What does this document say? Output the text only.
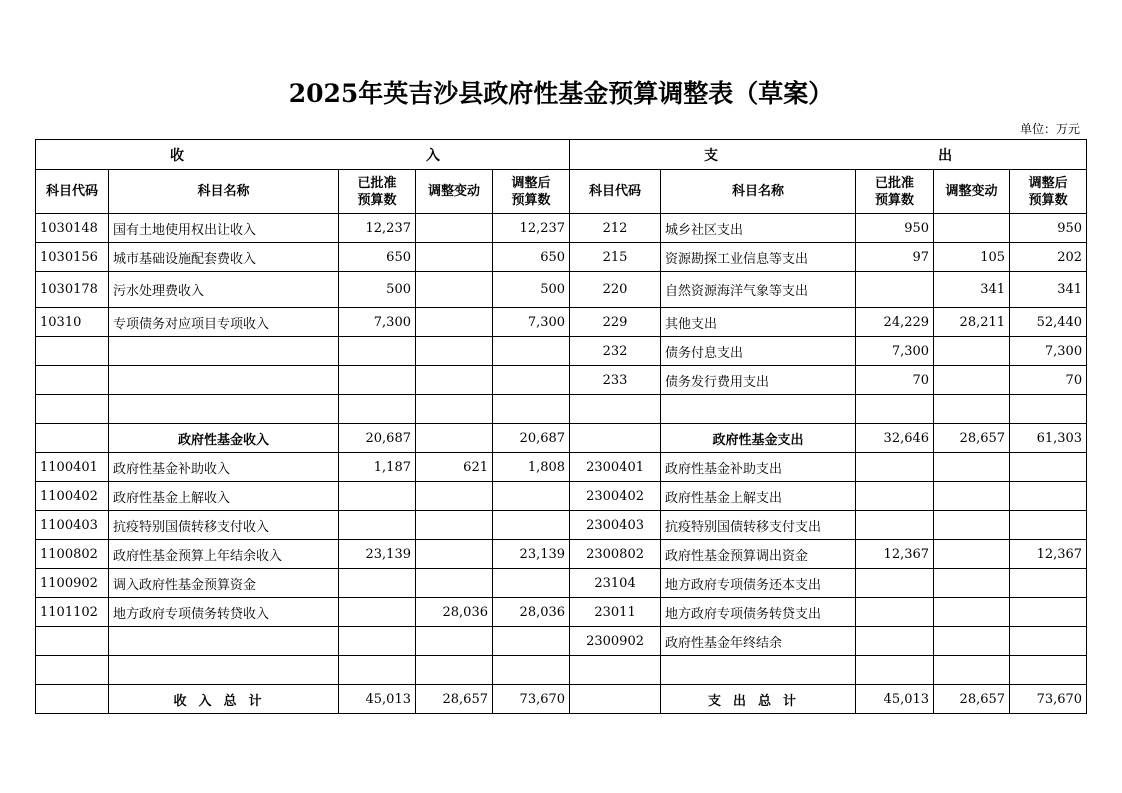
2025年英吉沙县政府性基金预算调整表（草案）
单位：万元
收 入					支 出				

科目代码	科目名称	已批准预算数	调整变动	调整后预算数	科目代码	科目名称	已批准预算数	调整变动	调整后预算数
1030148	国有土地使用权出让收入	12,237		12,237	212	城乡社区支出	950		950
1030156	城市基础设施配套费收入	650		650	215	资源勘探工业信息等支出	97	105	202
1030178	污水处理费收入	500		500	220	自然资源海洋气象等支出		341	341
10310	专项债务对应项目专项收入	7,300		7,300	229	其他支出	24,229	28,211	52,440
					232	债务付息支出	7,300		7,300
					233	债务发行费用支出	70		70

	政府性基金收入	20,687		20,687		政府性基金支出	32,646	28,657	61,303
1100401	政府性基金补助收入	1,187	621	1,808	2300401	政府性基金补助支出			
1100402	政府性基金上解收入				2300402	政府性基金上解支出			
1100403	抗疫特别国债转移支付收入				2300403	抗疫特别国债转移支付支出			
1100802	政府性基金预算上年结余收入	23,139		23,139	2300802	政府性基金预算调出资金	12,367		12,367
1100902	调入政府性基金预算资金				23104	地方政府专项债务还本支出			
1101102	地方政府专项债务转贷收入		28,036	28,036	23011	地方政府专项债务转贷支出			
					2300902	政府性基金年终结余			

	收入总计	45,013	28,657	73,670		支出总计	45,013	28,657	73,670
